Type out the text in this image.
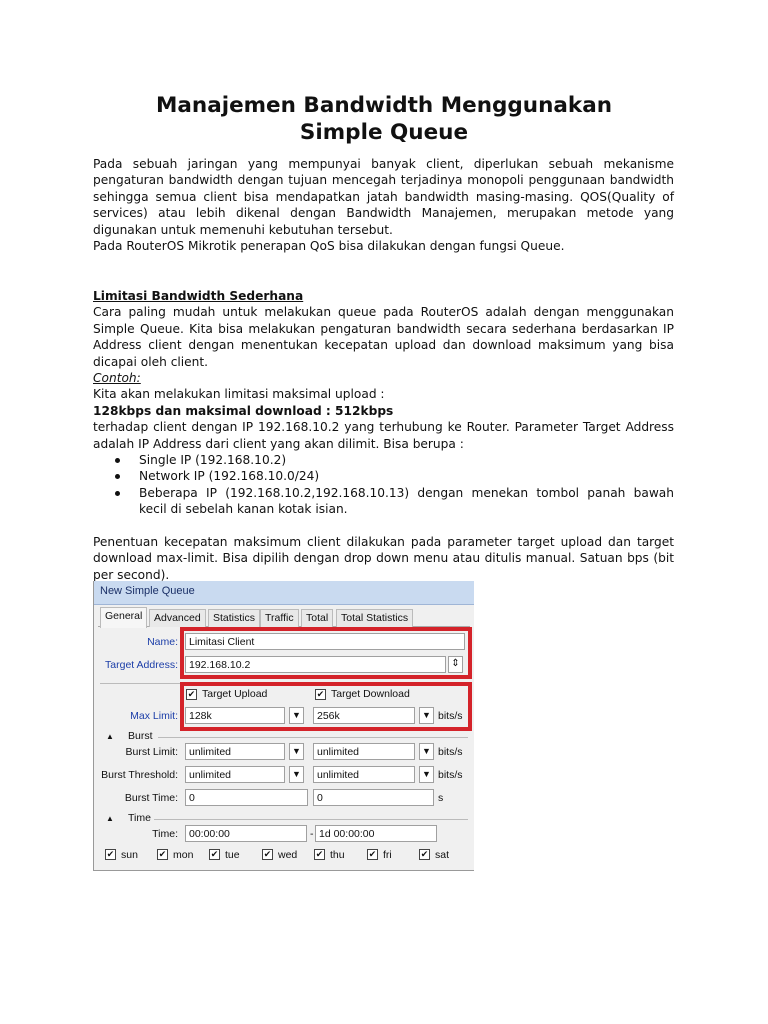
Manajemen Bandwidth Menggunakan
Simple Queue

Pada sebuah jaringan yang mempunyai banyak client, diperlukan sebuah mekanisme pengaturan bandwidth dengan tujuan mencegah terjadinya monopoli penggunaan bandwidth sehingga semua client bisa mendapatkan jatah bandwidth masing-masing. QOS(Quality of services) atau lebih dikenal dengan Bandwidth Manajemen, merupakan metode yang digunakan untuk memenuhi kebutuhan tersebut.

Pada RouterOS Mikrotik penerapan QoS bisa dilakukan dengan fungsi Queue.

Limitasi Bandwidth Sederhana

Cara paling mudah untuk melakukan queue pada RouterOS adalah dengan menggunakan Simple Queue. Kita bisa melakukan pengaturan bandwidth secara sederhana berdasarkan IP Address client dengan menentukan kecepatan upload dan download maksimum yang bisa dicapai oleh client.

Contoh:

Kita akan melakukan limitasi maksimal upload :

128kbps dan maksimal download : 512kbps

terhadap client dengan IP 192.168.10.2 yang terhubung ke Router. Parameter Target Address adalah IP Address dari client yang akan dilimit. Bisa berupa :

Single IP (192.168.10.2)
Network IP (192.168.10.0/24)
Beberapa IP (192.168.10.2,192.168.10.13) dengan menekan tombol panah bawah kecil di sebelah kanan kotak isian.

Penentuan kecepatan maksimum client dilakukan pada parameter target upload dan target download max-limit. Bisa dipilih dengan drop down menu atau ditulis manual. Satuan bps (bit per second).

New Simple Queue
General	Advanced	Statistics Traffic	Total	Total Statistics
Name:	Limitasi Client
Target Address:	192.168.10.2	⇕
✔ Target Upload	✔ Target Download
Max Limit:	128k	▼	256k	▼ bits/s
▲ Burst
Burst Limit:	unlimited	▼	unlimited	▼ bits/s
Burst Threshold:	unlimited	▼	unlimited	▼ bits/s
Burst Time:	0	0	s
▲ Time
Time:	00:00:00	- 1d 00:00:00
✔ sun ✔ mon ✔ tue	✔ wed ✔ thu	✔ fri	✔ sat
